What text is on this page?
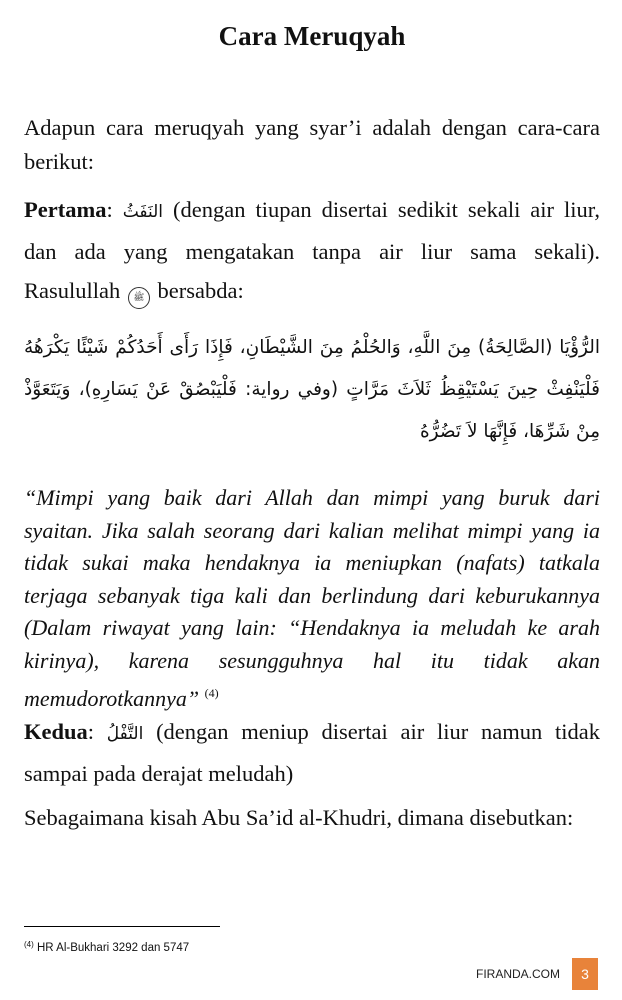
Cara Meruqyah

Adapun cara meruqyah yang syar’i adalah dengan cara-cara berikut:

Pertama: النَفَثُ (dengan tiupan disertai sedikit sekali air liur, dan ada yang mengatakan tanpa air liur sama sekali). Rasulullah ﷺ bersabda:

الرُّؤْيَا (الصَّالِحَةُ) مِنَ اللَّهِ، وَالحُلْمُ مِنَ الشَّيْطَانِ، فَإِذَا رَأَى أَحَدُكُمْ شَيْئًا يَكْرَهُهُ فَلْيَنْفِثْ حِينَ يَسْتَيْقِظُ ثَلاَثَ مَرَّاتٍ (وفي رواية: فَلْيَبْصُقْ عَنْ يَسَارِهِ)، وَيَتَعَوَّذْ مِنْ شَرِّهَا، فَإِنَّهَا لاَ تَضُرُّهُ

“Mimpi yang baik dari Allah dan mimpi yang buruk dari syaitan. Jika salah seorang dari kalian melihat mimpi yang ia tidak sukai maka hendaknya ia meniupkan (nafats) tatkala terjaga sebanyak tiga kali dan berlindung dari keburukannya (Dalam riwayat yang lain: “Hendaknya ia meludah ke arah kirinya), karena sesungguhnya hal itu tidak akan memudorotkannya” $^{(4)}$

Kedua: التَّفْلُ (dengan meniup disertai air liur namun tidak sampai pada derajat meludah)

Sebagaimana kisah Abu Sa’id al-Khudri, dimana disebutkan:

$^{(4)}$ HR Al-Bukhari 3292 dan 5747
FIRANDA.COM	3
